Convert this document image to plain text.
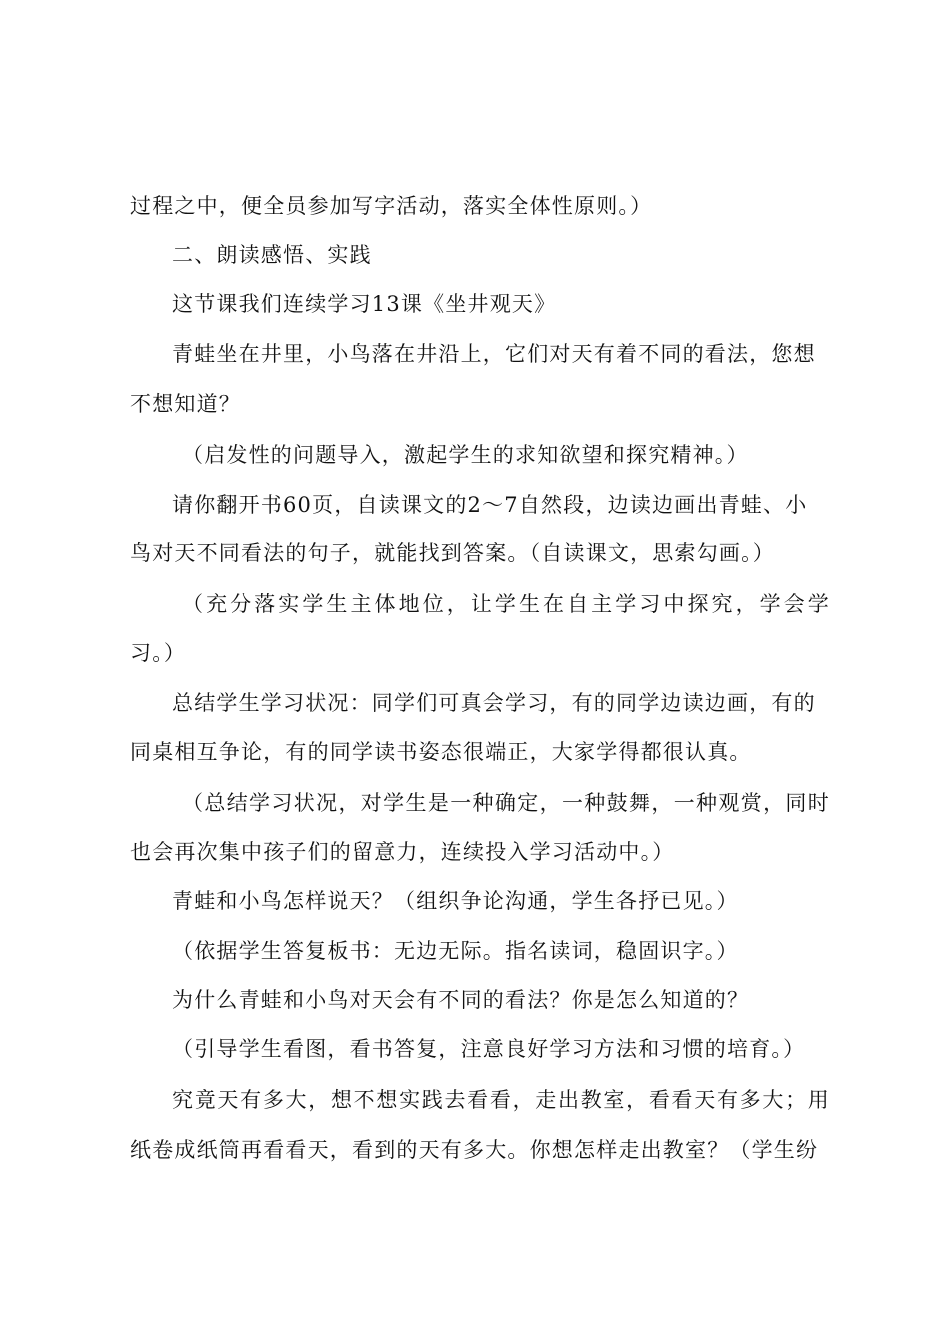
过程之中，便全员参加写字活动，落实全体性原则。）
二、朗读感悟、实践
这节课我们连续学习13课《坐井观天》
青蛙坐在井里，小鸟落在井沿上，它们对天有着不同的看法，您想
不想知道？
（启发性的问题导入，激起学生的求知欲望和探究精神。）
请你翻开书60页，自读课文的2～7自然段，边读边画出青蛙、小
鸟对天不同看法的句子，就能找到答案。（自读课文，思索勾画。）
（充分落实学生主体地位，让学生在自主学习中探究，学会学
习。）
总结学生学习状况：同学们可真会学习，有的同学边读边画，有的
同桌相互争论，有的同学读书姿态很端正，大家学得都很认真。
（总结学习状况，对学生是一种确定，一种鼓舞，一种观赏，同时
也会再次集中孩子们的留意力，连续投入学习活动中。）
青蛙和小鸟怎样说天？（组织争论沟通，学生各抒已见。）
（依据学生答复板书：无边无际。指名读词，稳固识字。）
为什么青蛙和小鸟对天会有不同的看法？你是怎么知道的？
（引导学生看图，看书答复，注意良好学习方法和习惯的培育。）
究竟天有多大，想不想实践去看看，走出教室，看看天有多大；用
纸卷成纸筒再看看天，看到的天有多大。你想怎样走出教室？（学生纷
